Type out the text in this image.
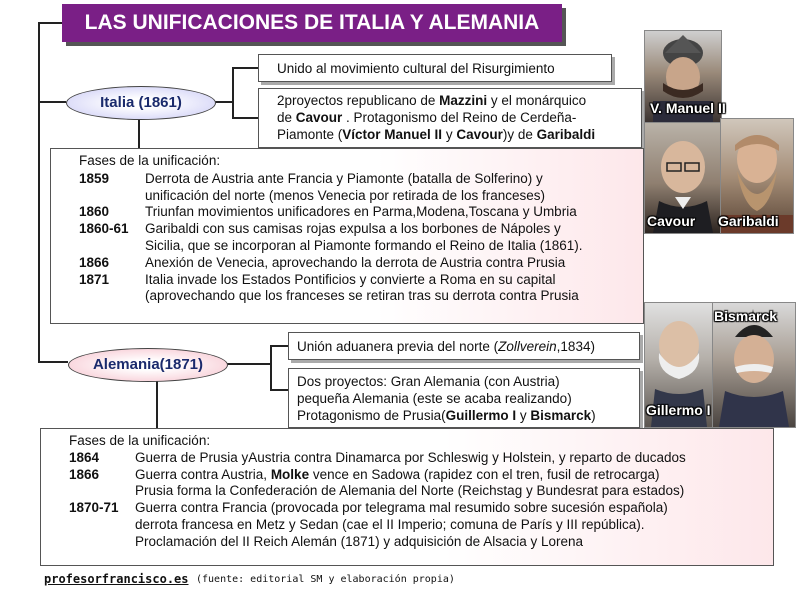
LAS UNIFICACIONES DE ITALIA Y ALEMANIA
Italia (1861)
Unido al movimiento cultural del Risurgimiento
2proyectos republicano de Mazzini y el monárquico
de Cavour . Protagonismo del Reino de Cerdeña-
Piamonte (Víctor Manuel II y Cavour)y de Garibaldi
Fases de la unificación:
1859	Derrota de Austria ante Francia y Piamonte (batalla de Solferino) y
unificación del norte (menos Venecia por retirada de los franceses)
1860	Triunfan movimientos unificadores en Parma,Modena,Toscana y Umbria
1860-61	Garibaldi con sus camisas rojas expulsa a los borbones de Nápoles y
Sicilia, que se incorporan al Piamonte formando el Reino de Italia (1861).
1866	Anexión de Venecia, aprovechando la derrota de Austria contra Prusia
1871	Italia invade los Estados Pontificios y convierte a Roma en su capital
(aprovechando que los franceses se retiran tras su derrota contra Prusia
Alemania(1871)
Unión aduanera previa del norte (Zollverein,1834)
Dos proyectos: Gran Alemania (con Austria)
pequeña Alemania (este se acaba realizando)
Protagonismo de Prusia(Guillermo I y Bismarck)
Fases de la unificación:
1864	Guerra de Prusia yAustria contra Dinamarca por Schleswig y Holstein, y reparto de ducados
1866	Guerra contra Austria, Molke vence en Sadowa (rapidez con el tren, fusil de retrocarga)
Prusia forma la Confederación de Alemania del Norte (Reichstag y Bundesrat para estados)
1870-71	Guerra contra Francia (provocada por telegrama mal resumido sobre sucesión española)
derrota francesa en Metz y Sedan (cae el II Imperio; comuna de París y III república).
Proclamación del II Reich Alemán (1871) y adquisición de Alsacia y Lorena
V. Manuel II
Cavour Garibaldi
Gillermo I
Bismarck
profesorfrancisco.es (fuente: editorial SM y elaboración propia)
